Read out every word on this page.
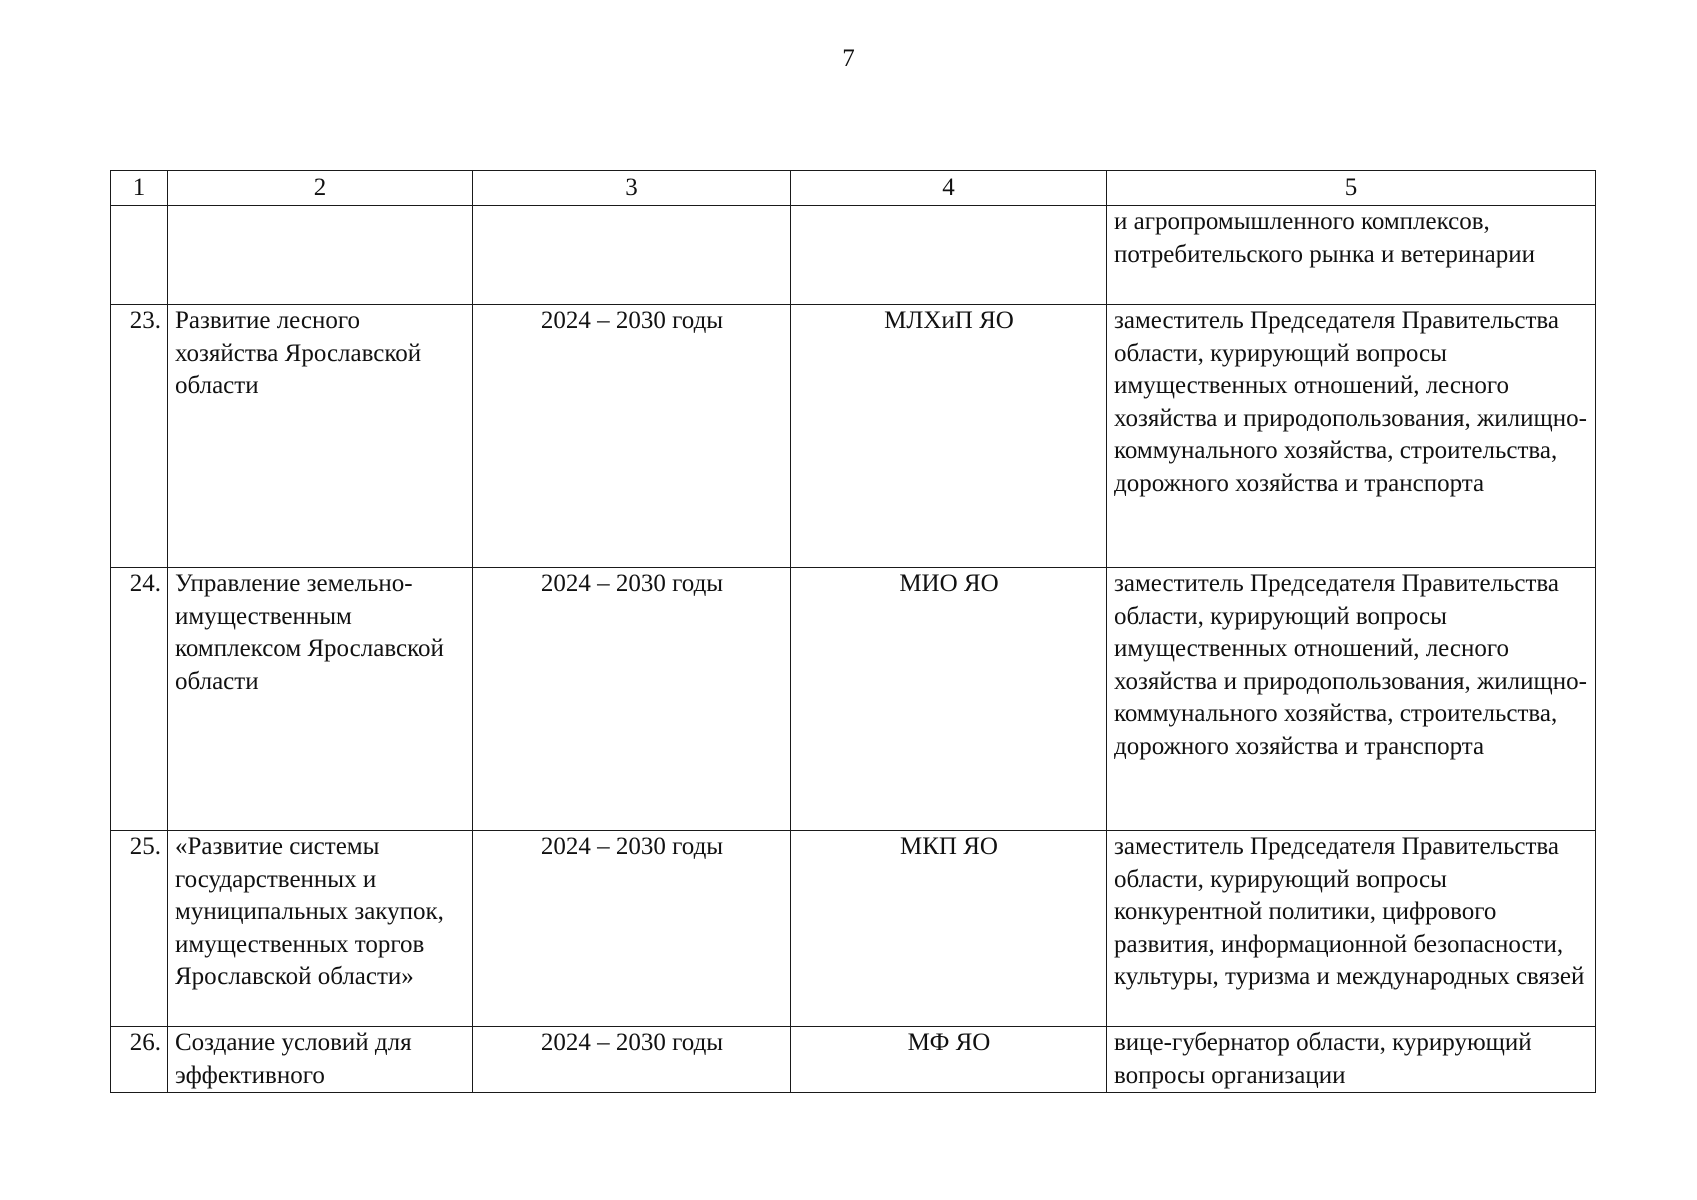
7
1	2	3	4	5
				и агропромышленного комплексов, потребительского рынка и ветеринарии
23.	Развитие лесного хозяйства Ярославской области	2024 – 2030 годы	МЛХиП ЯО	заместитель Председателя Правительства области, курирующий вопросы имущественных отношений, лесного хозяйства и природопользования, жилищно-коммунального хозяйства, строительства, дорожного хозяйства и транспорта
24.	Управление земельно-имущественным комплексом Ярославской области	2024 – 2030 годы	МИО ЯО	заместитель Председателя Правительства области, курирующий вопросы имущественных отношений, лесного хозяйства и природопользования, жилищно-коммунального хозяйства, строительства, дорожного хозяйства и транспорта
25.	«Развитие системы государственных и муниципальных закупок, имущественных торгов Ярославской области»	2024 – 2030 годы	МКП ЯО	заместитель Председателя Правительства области, курирующий вопросы конкурентной политики, цифрового развития, информационной безопасности, культуры, туризма и международных связей
26.	Создание условий для эффективного	2024 – 2030 годы	МФ ЯО	вице-губернатор области, курирующий вопросы организации
